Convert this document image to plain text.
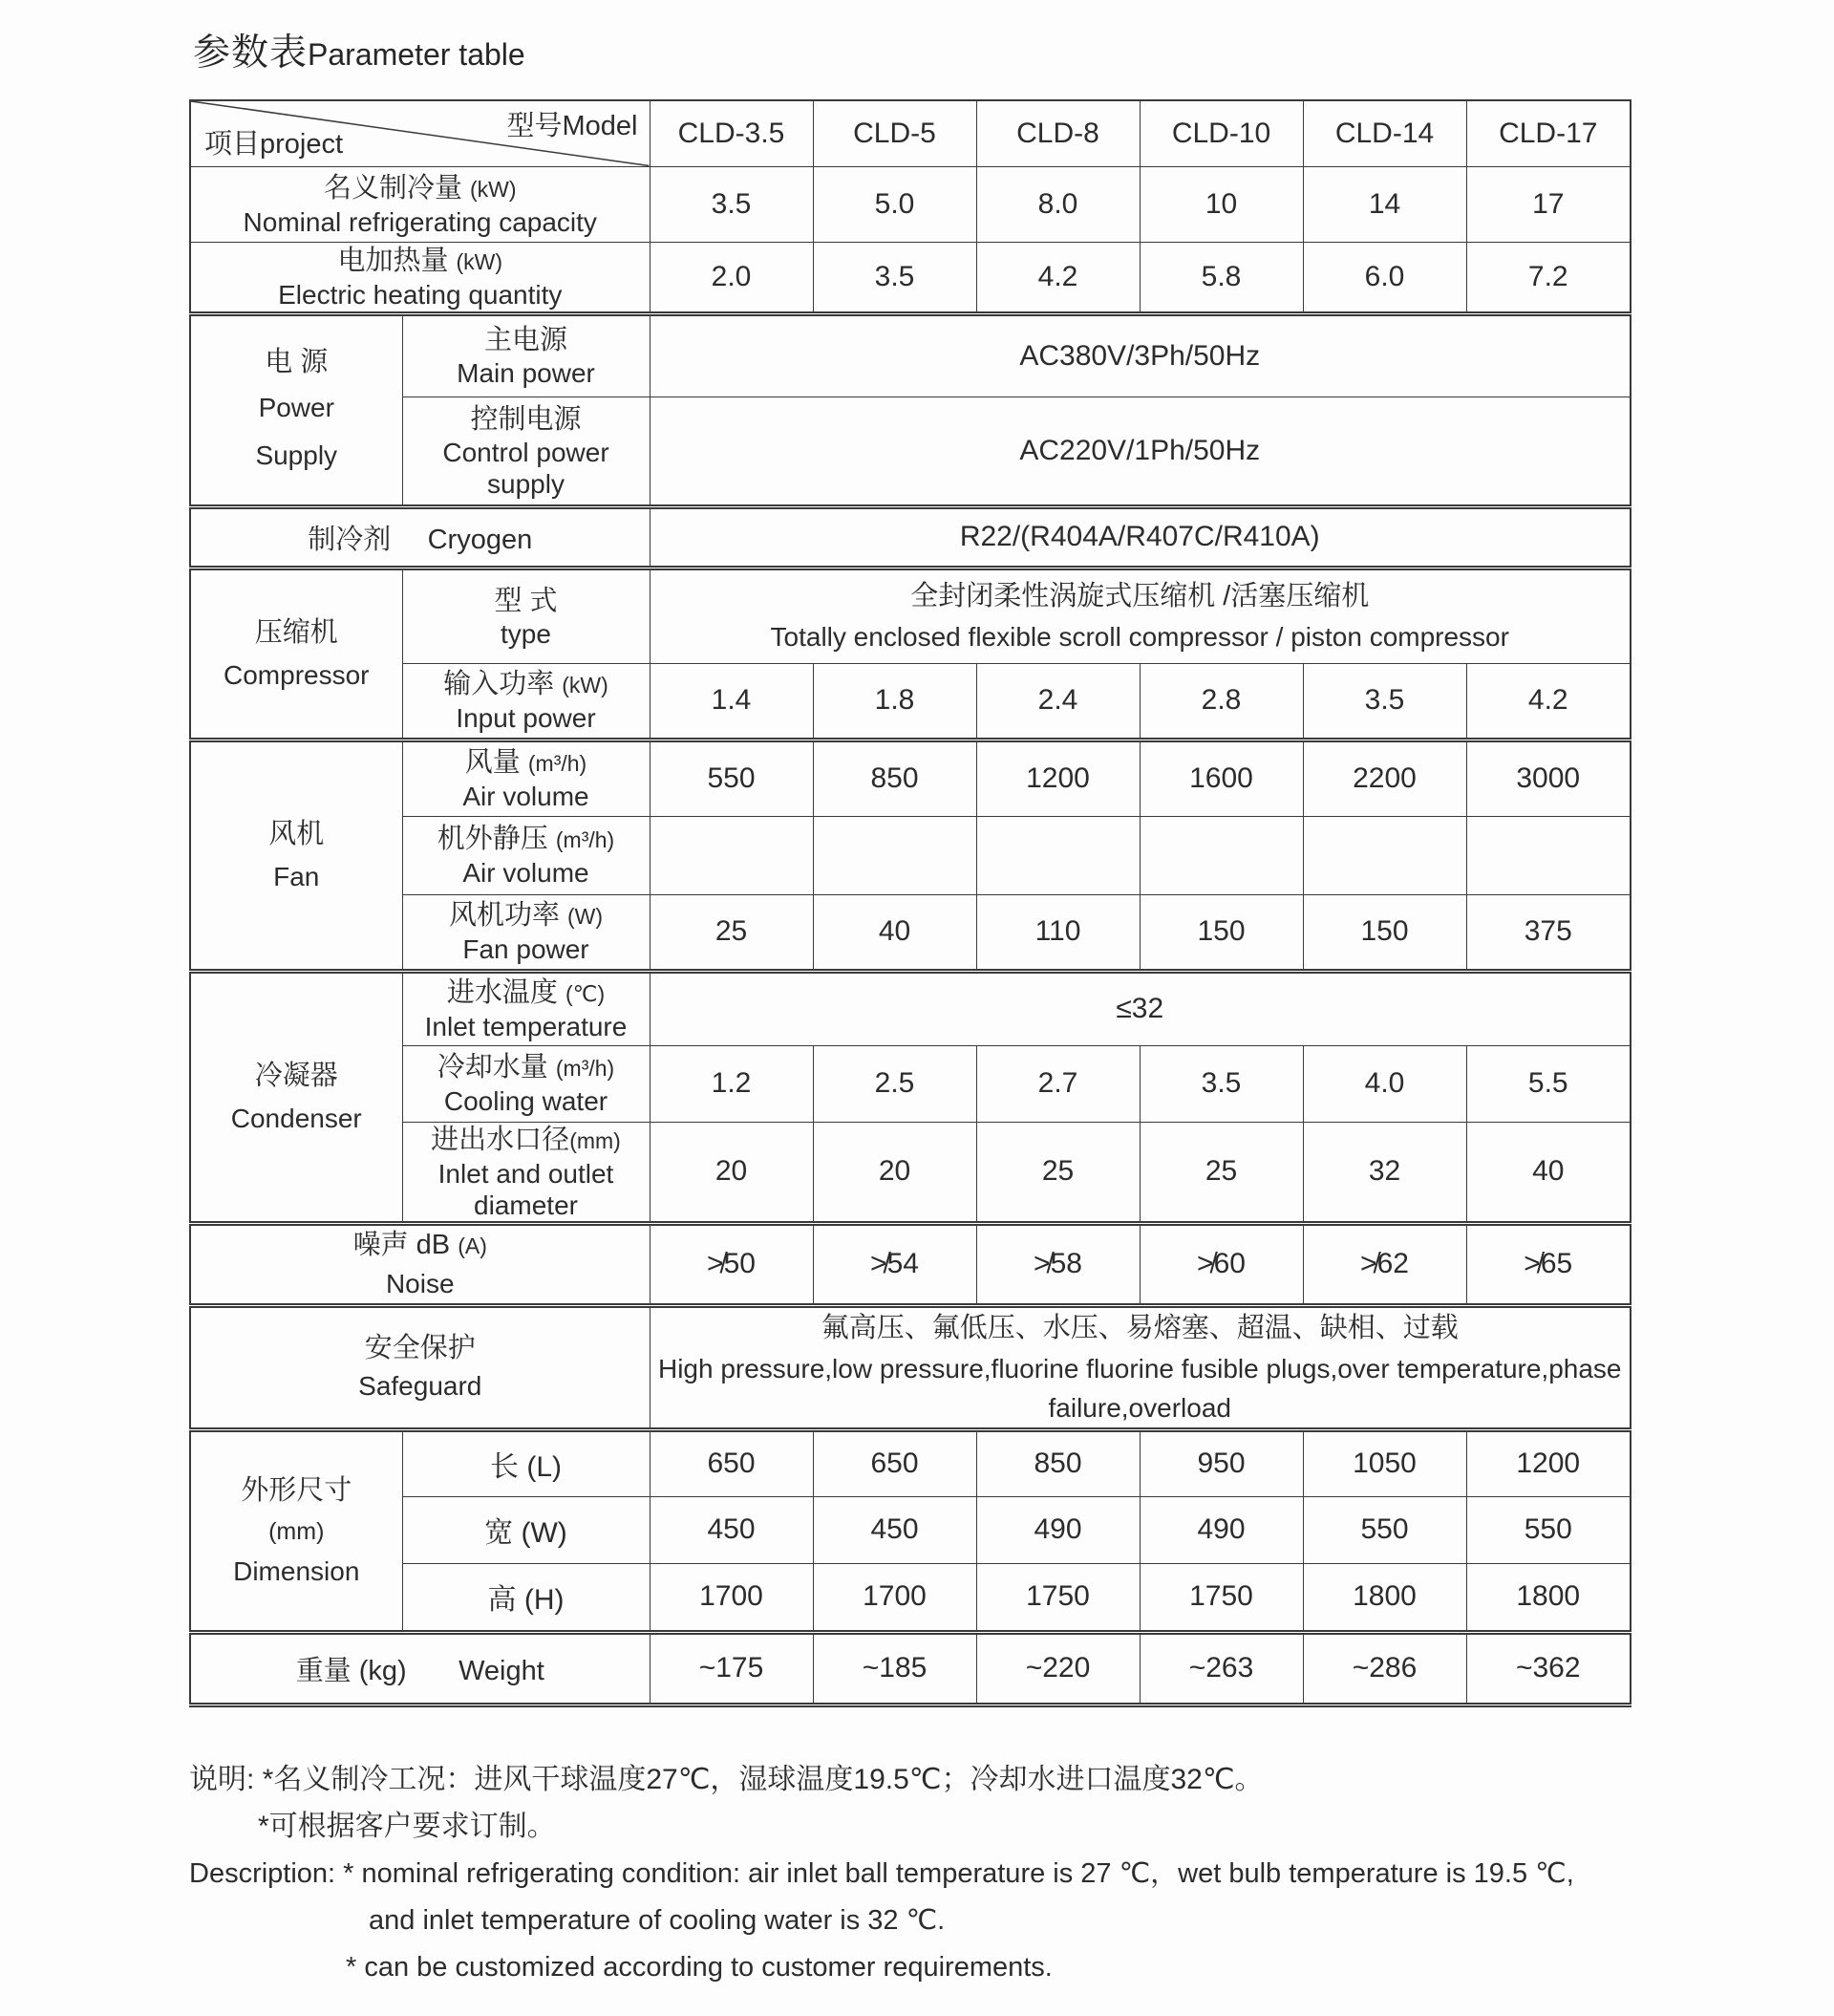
参数表 Parameter table
型号Model
项目project		CLD-3.5	CLD-5	CLD-8	CLD-10	CLD-14	CLD-17

名义制冷量 (kW)
Nominal refrigerating capacity		3.5	5.0	8.0	10	14	17

电加热量 (kW)
Electric heating quantity		2.0	3.5	4.2	5.8	6.0	7.2

电 源
Power Supply	主电源
Main power	AC380V/3Ph/50Hz					

	控制电源
Control power supply	AC220V/1Ph/50Hz					
制冷剂 Cryogen		R22/(R404A/R407C/R410A)					

压缩机
Compressor	型 式
type	全封闭柔性涡旋式压缩机 /活塞压缩机
Totally enclosed flexible scroll compressor / piston compressor					

	输入功率 (kW)
Input power	1.4	1.8	2.4	2.8	3.5	4.2

风机
Fan	风量 (m³/h)
Air volume	550	850	1200	1600	2200	3000

	机外静压 (m³/h)
Air volume						

	风机功率 (W)
Fan power	25	40	110	150	150	375

冷凝器
Condenser	进水温度 (℃)
Inlet temperature	≤32					

	冷却水量 (m³/h)
Cooling water	1.2	2.5	2.7	3.5	4.0	5.5

	进出水口径(mm)
Inlet and outlet diameter	20	20	25	25	32	40

噪声 dB (A)
Noise		≯50	≯54	≯58	≯60	≯62	≯65

安全保护
Safeguard		氟高压、氟低压、水压、易熔塞、超温、缺相、过载
High pressure,low pressure,fluorine fluorine fusible plugs,over temperature,phase failure,overload					

外形尺寸
(mm)
Dimension	长 (L)	650	650	850	950	1050	1200
	宽 (W)	450	450	490	490	550	550
	高 (H)	1700	1700	1750	1750	1800	1800
重量 (kg) Weight		~175	~185	~220	~263	~286	~362
说明: *名义制冷工况：进风干球温度27℃，湿球温度19.5℃；冷却水进口温度32℃。
*可根据客户要求订制。
Description: * nominal refrigerating condition: air inlet ball temperature is 27 ℃，wet bulb temperature is 19.5 ℃,
and inlet temperature of cooling water is 32 ℃.
* can be customized according to customer requirements.
